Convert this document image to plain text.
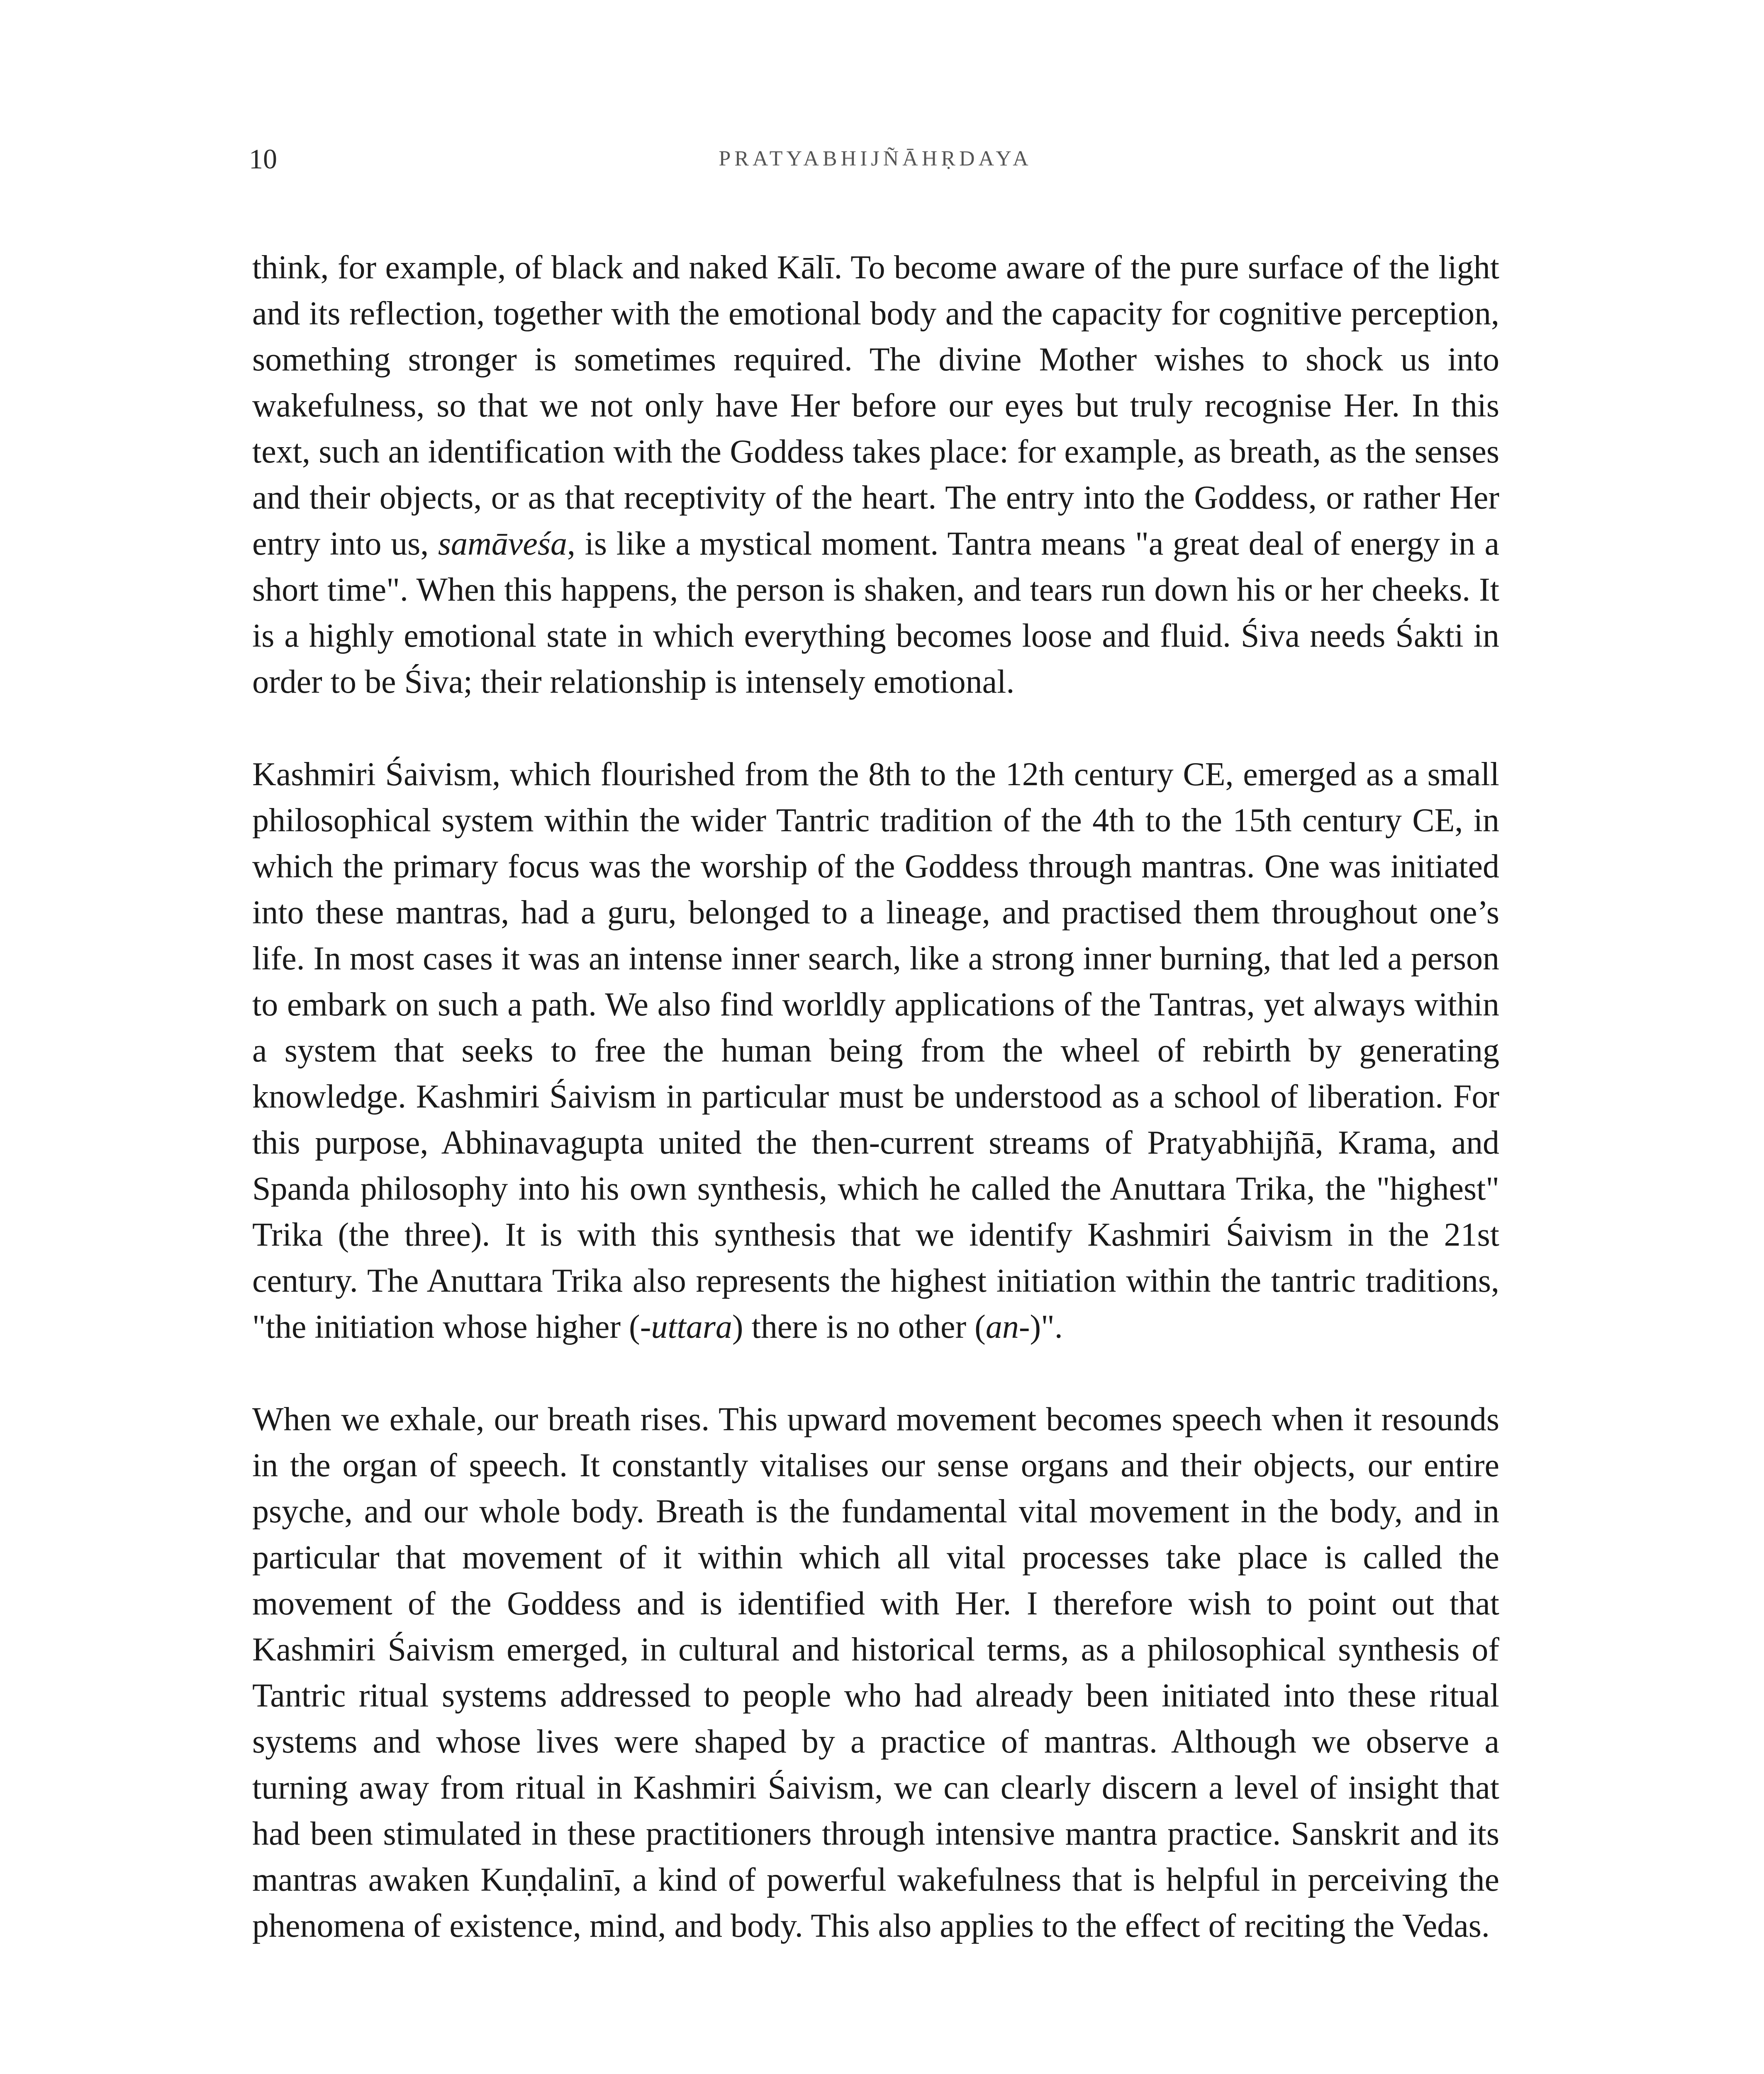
10	PRATYABHIJÑĀHṚDAYA

think, for example, of black and naked Kālī. To become aware of the pure surface of the light and its reflection, together with the emotional body and the capacity for cognitive perception, something stronger is sometimes required. The divine Mother wishes to shock us into wakefulness, so that we not only have Her before our eyes but truly recognise Her. In this text, such an identification with the Goddess takes place: for example, as breath, as the senses and their objects, or as that receptivity of the heart. The entry into the Goddess, or rather Her entry into us, samāveśa, is like a mystical moment. Tantra means "a great deal of energy in a short time". When this happens, the person is shaken, and tears run down his or her cheeks. It is a highly emotional state in which everything becomes loose and fluid. Śiva needs Śakti in order to be Śiva; their relationship is intensely emotional.

Kashmiri Śaivism, which flourished from the 8th to the 12th century CE, emerged as a small philosophical system within the wider Tantric tradition of the 4th to the 15th century CE, in which the primary focus was the worship of the Goddess through mantras. One was initiated into these mantras, had a guru, belonged to a lineage, and practised them throughout one’s life. In most cases it was an intense inner search, like a strong inner burning, that led a person to embark on such a path. We also find worldly applications of the Tantras, yet always within a system that seeks to free the human being from the wheel of rebirth by generating knowledge. Kashmiri Śaivism in particular must be understood as a school of liberation. For this purpose, Abhinavagupta united the then-current streams of Pratyabhijñā, Krama, and Spanda philosophy into his own synthesis, which he called the Anuttara Trika, the "highest" Trika (the three). It is with this synthesis that we identify Kashmiri Śaivism in the 21st century. The Anuttara Trika also represents the highest initiation within the tantric traditions, "the initiation whose higher (-uttara) there is no other (an-)".

When we exhale, our breath rises. This upward movement becomes speech when it resounds in the organ of speech. It constantly vitalises our sense organs and their objects, our entire psyche, and our whole body. Breath is the fundamental vital movement in the body, and in particular that movement of it within which all vital processes take place is called the movement of the Goddess and is identified with Her. I therefore wish to point out that Kashmiri Śaivism emerged, in cultural and historical terms, as a philosophical synthesis of Tantric ritual systems addressed to people who had already been initiated into these ritual systems and whose lives were shaped by a practice of mantras. Although we observe a turning away from ritual in Kashmiri Śaivism, we can clearly discern a level of insight that had been stimulated in these practitioners through intensive mantra practice. Sanskrit and its mantras awaken Kuṇḍalinī, a kind of powerful wakefulness that is helpful in perceiving the phenomena of existence, mind, and body. This also applies to the effect of reciting the Vedas.
